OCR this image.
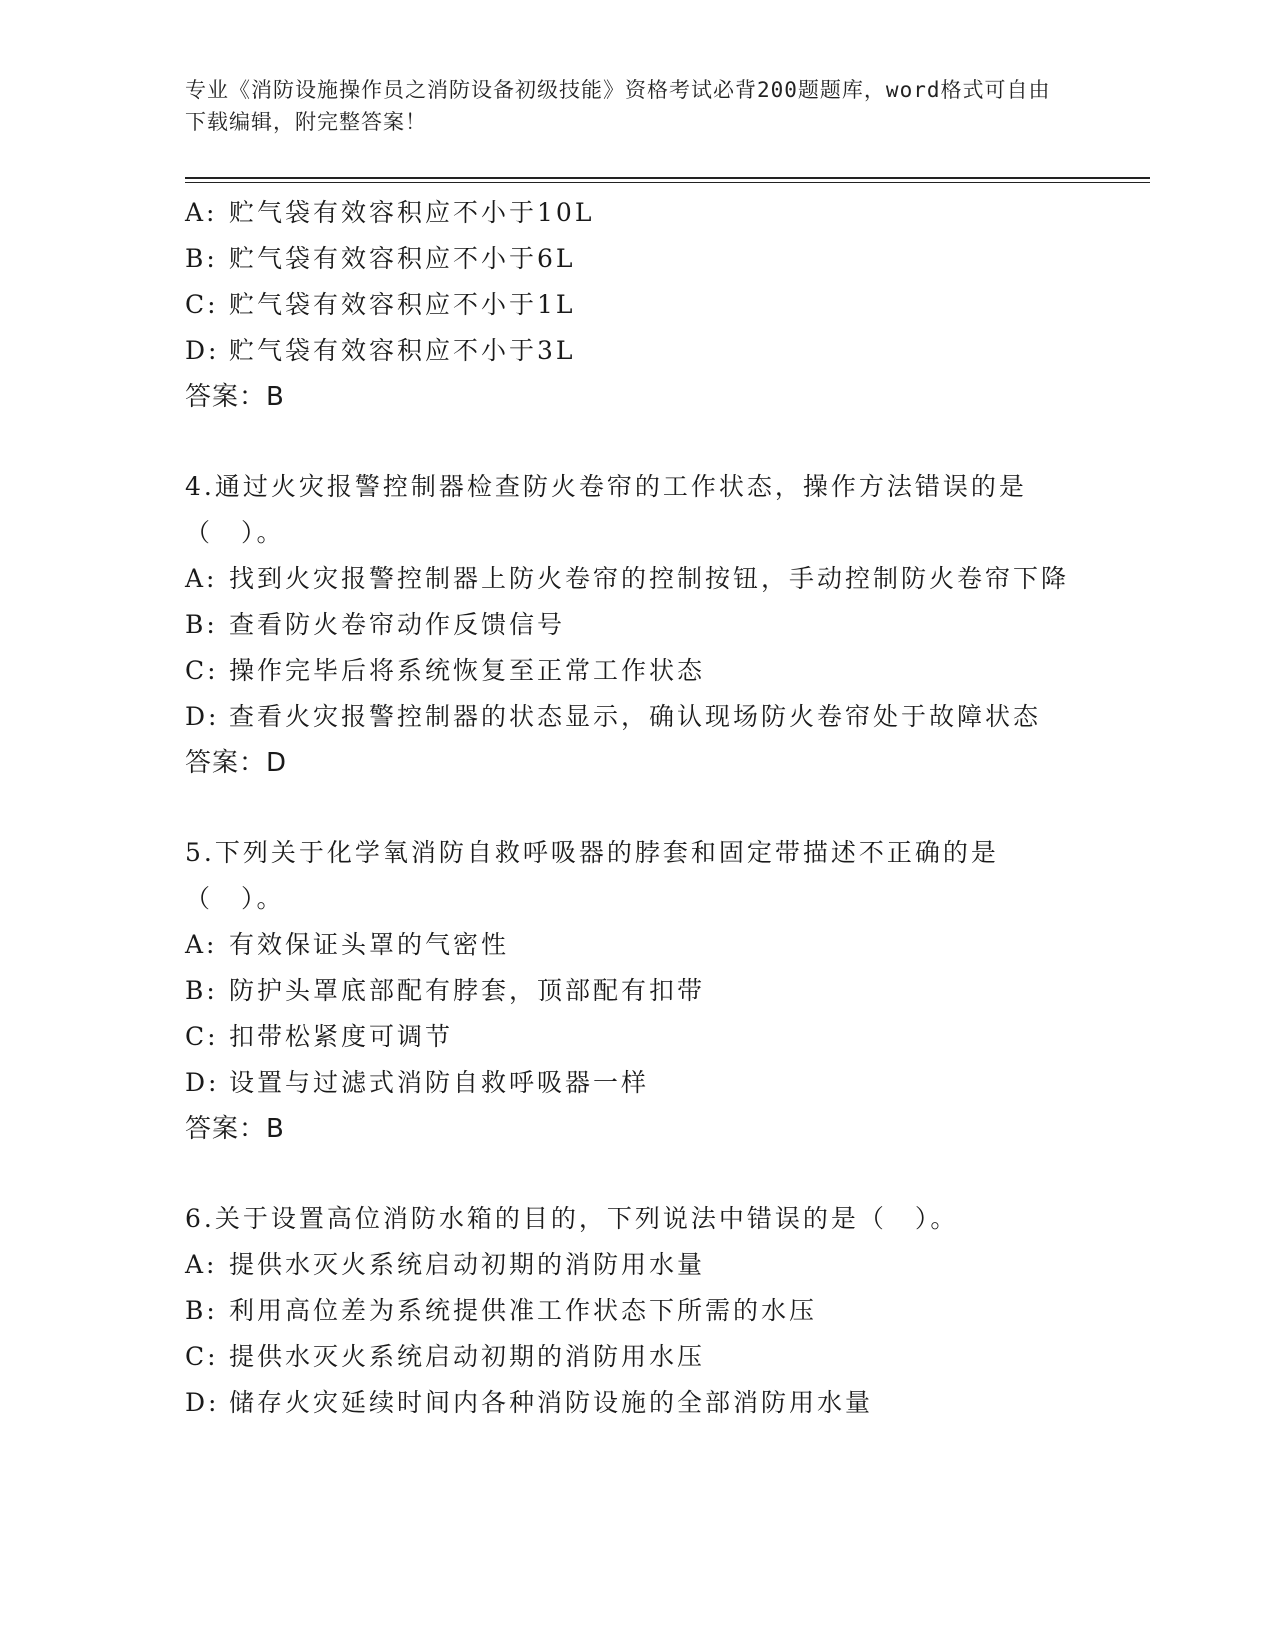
专业《消防设施操作员之消防设备初级技能》资格考试必背200题题库，word格式可自由下载编辑，附完整答案！
A: 贮气袋有效容积应不小于10L
B: 贮气袋有效容积应不小于6L
C: 贮气袋有效容积应不小于1L
D: 贮气袋有效容积应不小于3L
答案：B
4.通过火灾报警控制器检查防火卷帘的工作状态，操作方法错误的是（　）。
A: 找到火灾报警控制器上防火卷帘的控制按钮，手动控制防火卷帘下降
B: 查看防火卷帘动作反馈信号
C: 操作完毕后将系统恢复至正常工作状态
D: 查看火灾报警控制器的状态显示，确认现场防火卷帘处于故障状态
答案：D
5.下列关于化学氧消防自救呼吸器的脖套和固定带描述不正确的是（　）。
A: 有效保证头罩的气密性
B: 防护头罩底部配有脖套，顶部配有扣带
C: 扣带松紧度可调节
D: 设置与过滤式消防自救呼吸器一样
答案：B
6.关于设置高位消防水箱的目的，下列说法中错误的是（　）。
A: 提供水灭火系统启动初期的消防用水量
B: 利用高位差为系统提供准工作状态下所需的水压
C: 提供水灭火系统启动初期的消防用水压
D: 储存火灾延续时间内各种消防设施的全部消防用水量
